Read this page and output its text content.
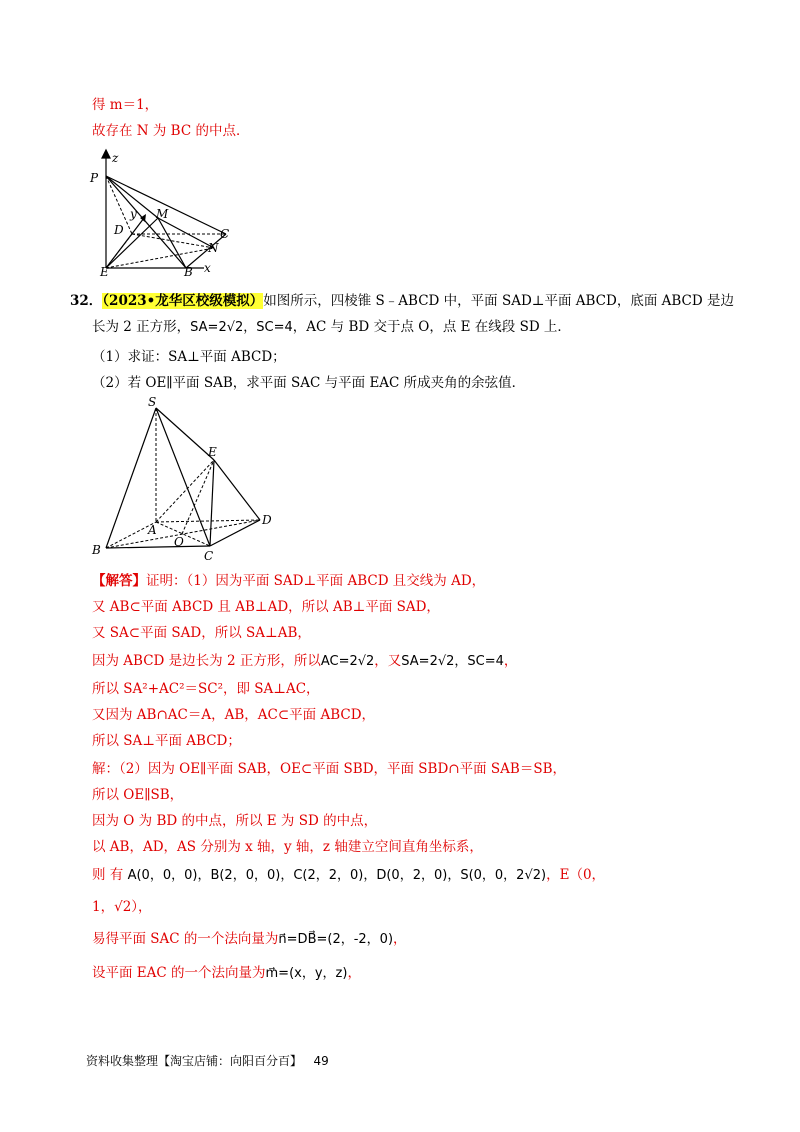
得 m＝1，
故存在 N 为 BC 的中点．
z
P
y M
D	C
N
E	B x
32．（2023•龙华区校级模拟）如图所示，四棱锥 S﹣ABCD 中，平面 SAD⊥平面 ABCD，底面 ABCD 是边
长为 2 正方形，SA=2√2，SC=4，AC 与 BD 交于点 O，点 E 在线段 SD 上．
（1）求证：SA⊥平面 ABCD；
（2）若 OE∥平面 SAB，求平面 SAC 与平面 EAC 所成夹角的余弦值．
S
E
D
A
O
B	C
【解答】证明：（1）因为平面 SAD⊥平面 ABCD 且交线为 AD，
又 AB⊂平面 ABCD 且 AB⊥AD，所以 AB⊥平面 SAD，
又 SA⊂平面 SAD，所以 SA⊥AB，
因为 ABCD 是边长为 2 正方形，所以AC=2√2，又SA=2√2，SC=4，
所以 SA²+AC²＝SC²，即 SA⊥AC，
又因为 AB∩AC＝A，AB，AC⊂平面 ABCD，
所以 SA⊥平面 ABCD；
解：（2）因为 OE∥平面 SAB，OE⊂平面 SBD，平面 SBD∩平面 SAB＝SB，
所以 OE∥SB，
因为 O 为 BD 的中点，所以 E 为 SD 的中点，
以 AB，AD，AS 分别为 x 轴，y 轴，z 轴建立空间直角坐标系，
则 有 A(0，0，0)，B(2，0，0)，C(2，2，0)，D(0，2，0)，S(0，0，2√2)，E（0，
1，√2），
易得平面 SAC 的一个法向量为n⃗=DB⃗=(2，-2，0)，
设平面 EAC 的一个法向量为m⃗=(x，y，z)，
资料收集整理【淘宝店铺：向阳百分百】 49
